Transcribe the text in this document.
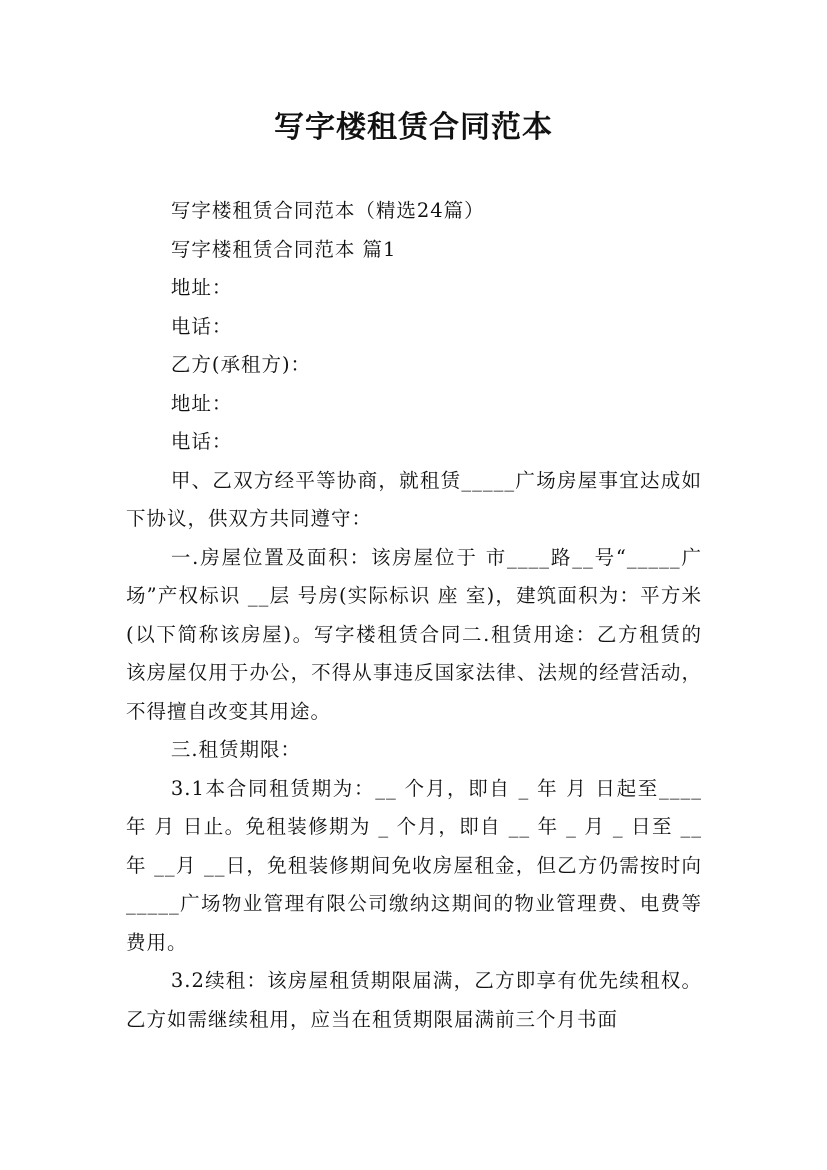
写字楼租赁合同范本

写字楼租赁合同范本（精选24篇）

写字楼租赁合同范本 篇1

地址：

电话：

乙方(承租方)：

地址：

电话：

甲、乙双方经平等协商，就租赁_____广场房屋事宜达成如下协议，供双方共同遵守：

一.房屋位置及面积：该房屋位于 市____路__号“_____广场”产权标识 __层 号房(实际标识 座 室)，建筑面积为：平方米(以下简称该房屋)。写字楼租赁合同二.租赁用途：乙方租赁的该房屋仅用于办公，不得从事违反国家法律、法规的经营活动，不得擅自改变其用途。

三.租赁期限：

3.1本合同租赁期为：__ 个月，即自 _ 年 月 日起至____年 月 日止。免租装修期为 _ 个月，即自 __ 年 _ 月 _ 日至 __ 年 __月 __日，免租装修期间免收房屋租金，但乙方仍需按时向_____广场物业管理有限公司缴纳这期间的物业管理费、电费等费用。

3.2续租：该房屋租赁期限届满，乙方即享有优先续租权。乙方如需继续租用，应当在租赁期限届满前三个月书面
